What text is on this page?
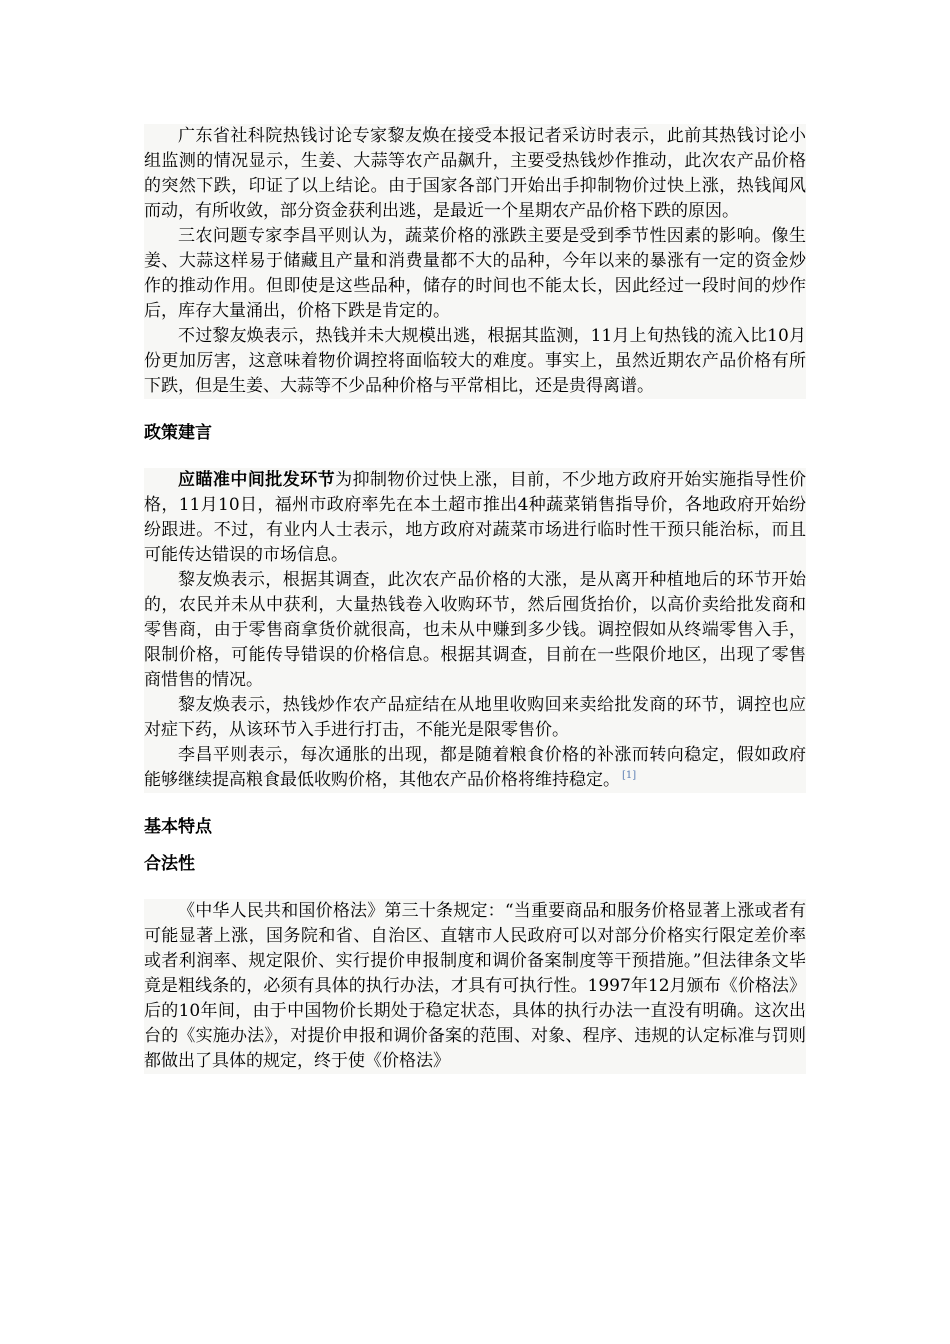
广东省社科院热钱讨论专家黎友焕在接受本报记者采访时表示，此前其热钱讨论小组监测的情况显示，生姜、大蒜等农产品飙升，主要受热钱炒作推动，此次农产品价格的突然下跌，印证了以上结论。由于国家各部门开始出手抑制物价过快上涨，热钱闻风而动，有所收敛，部分资金获利出逃，是最近一个星期农产品价格下跌的原因。

三农问题专家李昌平则认为，蔬菜价格的涨跌主要是受到季节性因素的影响。像生姜、大蒜这样易于储藏且产量和消费量都不大的品种，今年以来的暴涨有一定的资金炒作的推动作用。但即使是这些品种，储存的时间也不能太长，因此经过一段时间的炒作后，库存大量涌出，价格下跌是肯定的。

不过黎友焕表示，热钱并未大规模出逃，根据其监测，11月上旬热钱的流入比10月份更加厉害，这意味着物价调控将面临较大的难度。事实上，虽然近期农产品价格有所下跌，但是生姜、大蒜等不少品种价格与平常相比，还是贵得离谱。

政策建言

应瞄准中间批发环节为抑制物价过快上涨，目前，不少地方政府开始实施指导性价格，11月10日，福州市政府率先在本土超市推出4种蔬菜销售指导价，各地政府开始纷纷跟进。不过，有业内人士表示，地方政府对蔬菜市场进行临时性干预只能治标，而且可能传达错误的市场信息。

黎友焕表示，根据其调查，此次农产品价格的大涨，是从离开种植地后的环节开始的，农民并未从中获利，大量热钱卷入收购环节，然后囤货抬价，以高价卖给批发商和零售商，由于零售商拿货价就很高，也未从中赚到多少钱。调控假如从终端零售入手，限制价格，可能传导错误的价格信息。根据其调查，目前在一些限价地区，出现了零售商惜售的情况。

黎友焕表示，热钱炒作农产品症结在从地里收购回来卖给批发商的环节，调控也应对症下药，从该环节入手进行打击，不能光是限零售价。

李昌平则表示，每次通胀的出现，都是随着粮食价格的补涨而转向稳定，假如政府能够继续提高粮食最低收购价格，其他农产品价格将维持稳定。 [1]

基本特点
合法性

《中华人民共和国价格法》第三十条规定：“当重要商品和服务价格显著上涨或者有可能显著上涨，国务院和省、自治区、直辖市人民政府可以对部分价格实行限定差价率或者利润率、规定限价、实行提价申报制度和调价备案制度等干预措施。”但法律条文毕竟是粗线条的，必须有具体的执行办法，才具有可执行性。1997年12月颁布《价格法》后的10年间，由于中国物价长期处于稳定状态，具体的执行办法一直没有明确。这次出台的《实施办法》，对提价申报和调价备案的范围、对象、程序、违规的认定标准与罚则都做出了具体的规定，终于使《价格法》
